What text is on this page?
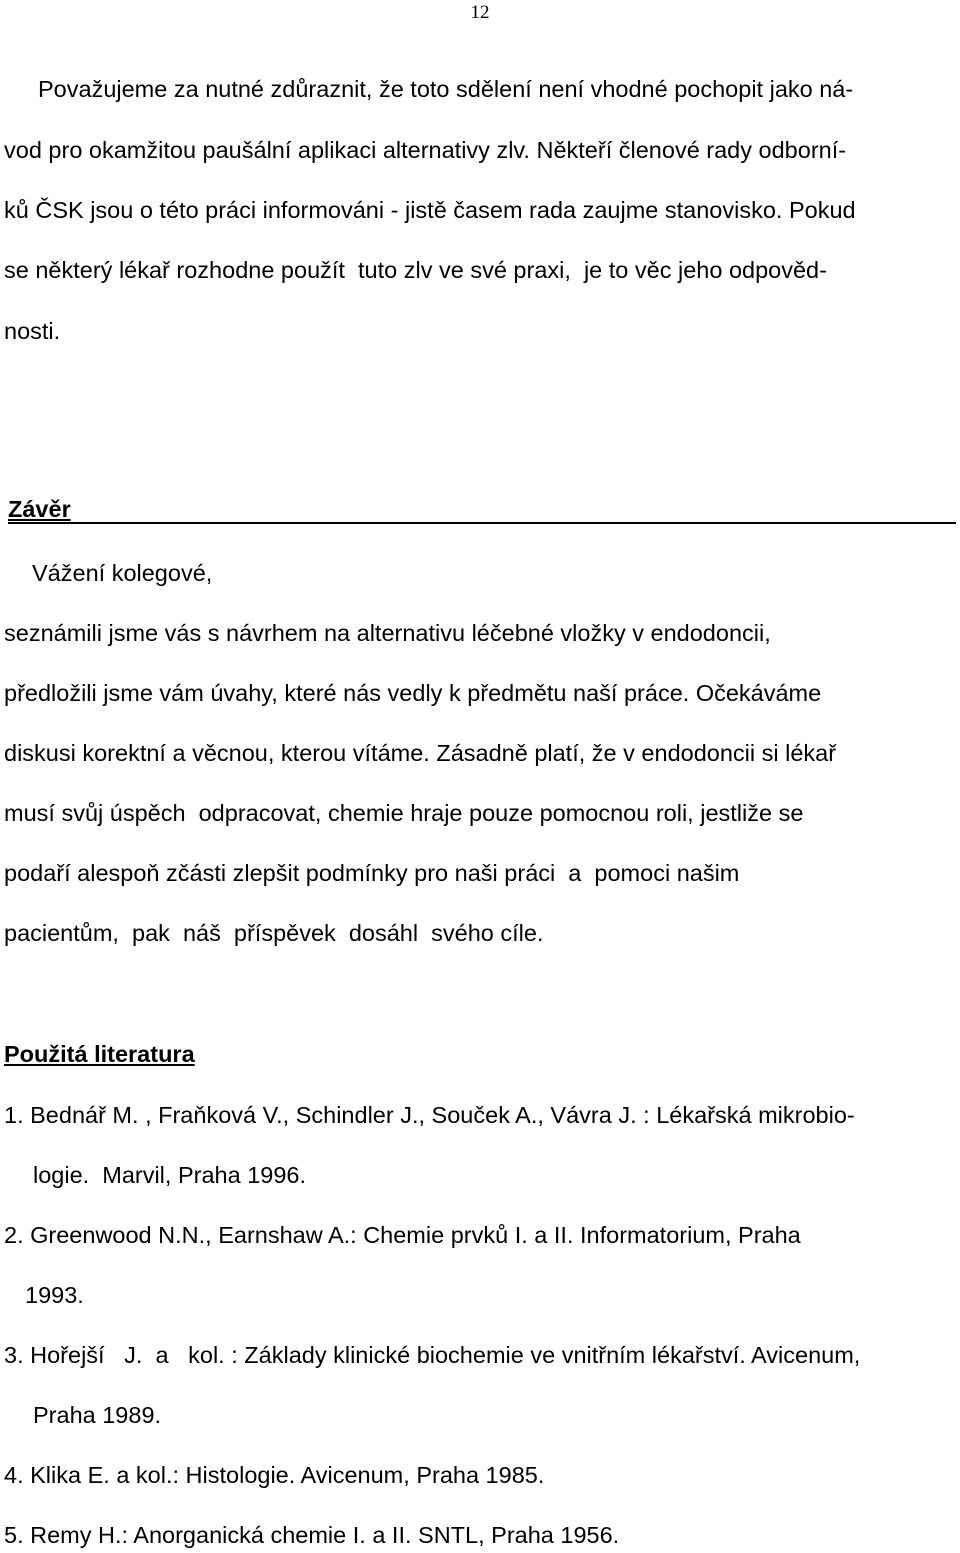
12
Považujeme za nutné zdůraznit, že toto sdělení není vhodné pochopit jako ná-
vod pro okamžitou paušální aplikaci alternativy zlv. Někteří členové rady odborní-
ků ČSK jsou o této práci informováni - jistě časem rada zaujme stanovisko. Pokud
se některý lékař rozhodne použít  tuto zlv ve své praxi,  je to věc jeho odpověd-
nosti.
Závěr
Vážení kolegové,
seznámili jsme vás s návrhem na alternativu léčebné vložky v endodoncii,
předložili jsme vám úvahy, které nás vedly k předmětu naší práce. Očekáváme
diskusi korektní a věcnou, kterou vítáme. Zásadně platí, že v endodoncii si lékař
musí svůj úspěch  odpracovat, chemie hraje pouze pomocnou roli, jestliže se
podaří alespoň zčásti zlepšit podmínky pro naši práci  a  pomoci našim
pacientům,  pak  náš  příspěvek  dosáhl  svého cíle.
Použitá literatura
1. Bednář M. , Fraňková V., Schindler J., Souček A., Vávra J. : Lékařská mikrobio-
logie.  Marvil, Praha 1996.
2. Greenwood N.N., Earnshaw A.: Chemie prvků I. a II. Informatorium, Praha
1993.
3. Hořejší   J.  a   kol. : Základy klinické biochemie ve vnitřním lékařství. Avicenum,
Praha 1989.
4. Klika E. a kol.: Histologie. Avicenum, Praha 1985.
5. Remy H.: Anorganická chemie I. a II. SNTL, Praha 1956.
